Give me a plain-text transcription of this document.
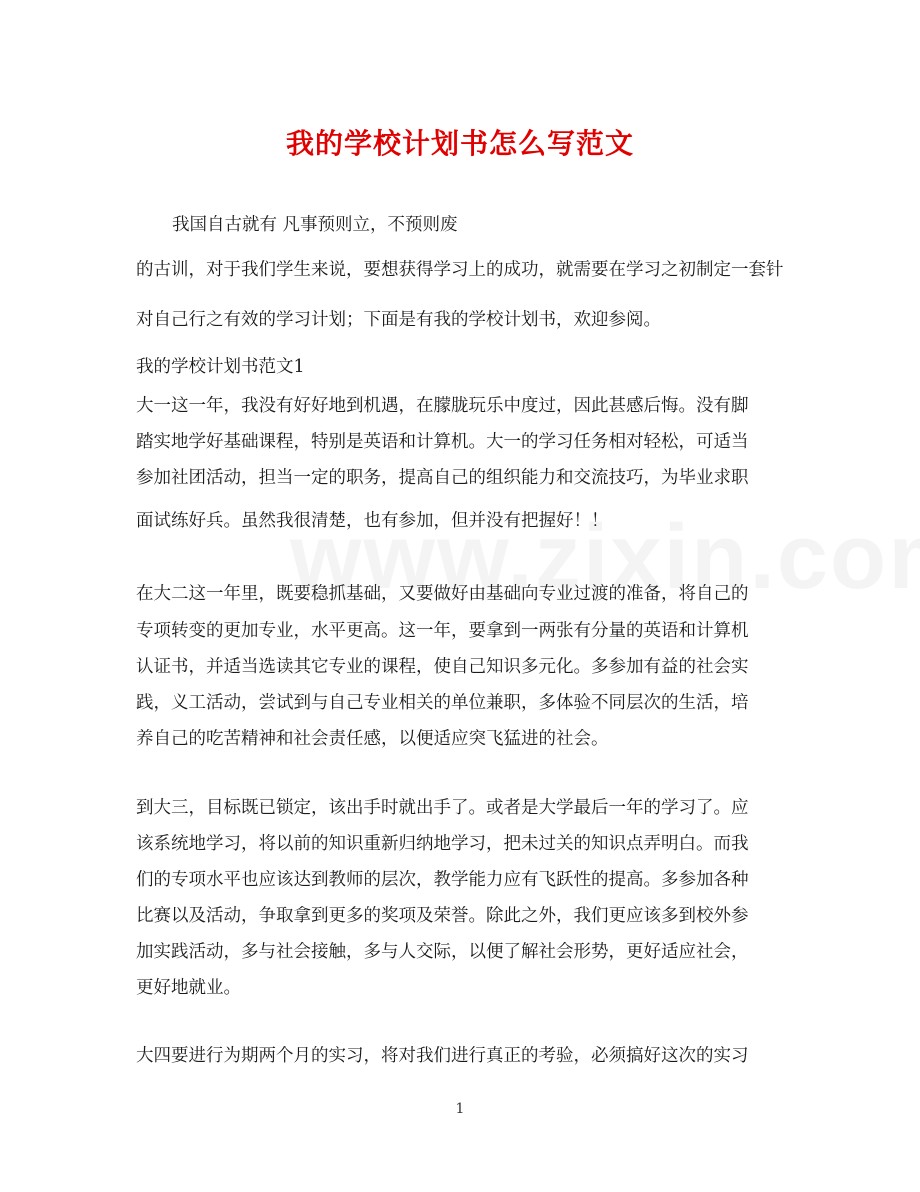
我的学校计划书怎么写范文
我国自古就有 凡事预则立，不预则废
的古训，对于我们学生来说，要想获得学习上的成功，就需要在学习之初制定一套针
对自己行之有效的学习计划；下面是有我的学校计划书，欢迎参阅。
我的学校计划书范文1
大一这一年，我没有好好地到机遇，在朦胧玩乐中度过，因此甚感后悔。没有脚
踏实地学好基础课程，特别是英语和计算机。大一的学习任务相对轻松，可适当
参加社团活动，担当一定的职务，提高自己的组织能力和交流技巧，为毕业求职
面试练好兵。虽然我很清楚，也有参加，但并没有把握好！！
在大二这一年里，既要稳抓基础，又要做好由基础向专业过渡的准备，将自己的
专项转变的更加专业，水平更高。这一年，要拿到一两张有分量的英语和计算机
认证书，并适当选读其它专业的课程，使自己知识多元化。多参加有益的社会实
践，义工活动，尝试到与自己专业相关的单位兼职，多体验不同层次的生活，培
养自己的吃苦精神和社会责任感，以便适应突飞猛进的社会。
到大三，目标既已锁定，该出手时就出手了。或者是大学最后一年的学习了。应
该系统地学习，将以前的知识重新归纳地学习，把未过关的知识点弄明白。而我
们的专项水平也应该达到教师的层次，教学能力应有飞跃性的提高。多参加各种
比赛以及活动，争取拿到更多的奖项及荣誉。除此之外，我们更应该多到校外参
加实践活动，多与社会接触，多与人交际，以便了解社会形势，更好适应社会，
更好地就业。
大四要进行为期两个月的实习，将对我们进行真正的考验，必须搞好这次的实习
1
